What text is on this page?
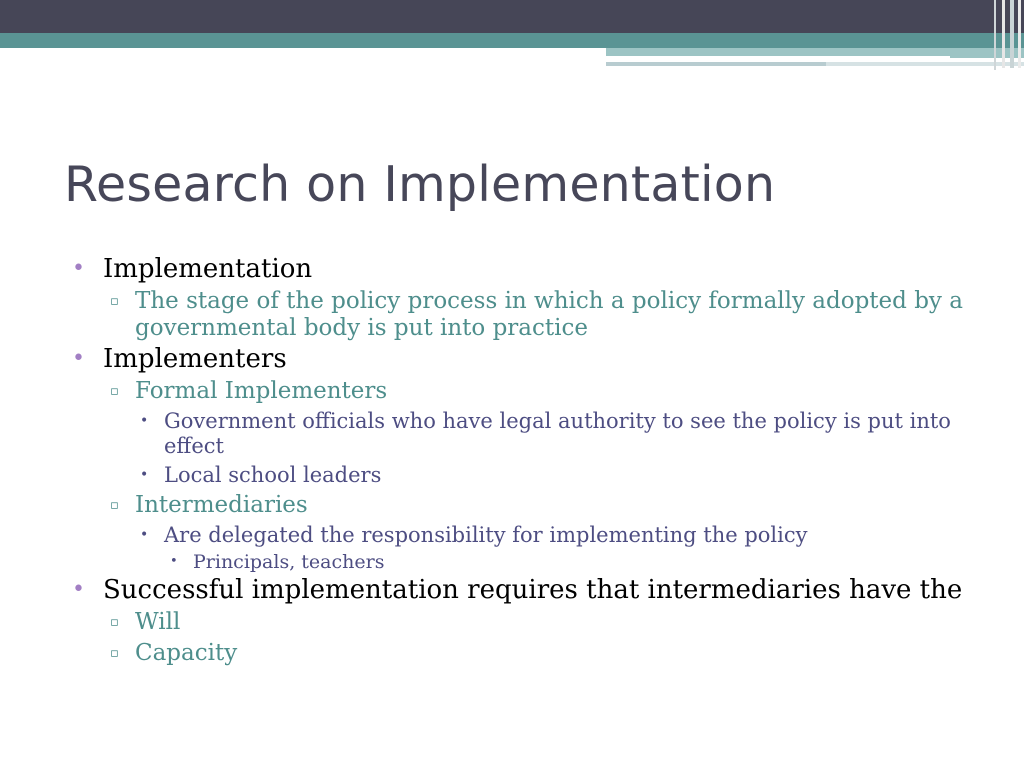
Research on Implementation
• Implementation
▫ The stage of the policy process in which a policy formally adopted by a governmental body is put into practice
• Implementers
▫ Formal Implementers
• Government officials who have legal authority to see the policy is put into effect
• Local school leaders
▫ Intermediaries
• Are delegated the responsibility for implementing the policy
• Principals, teachers
• Successful implementation requires that intermediaries have the
▫ Will
▫ Capacity
